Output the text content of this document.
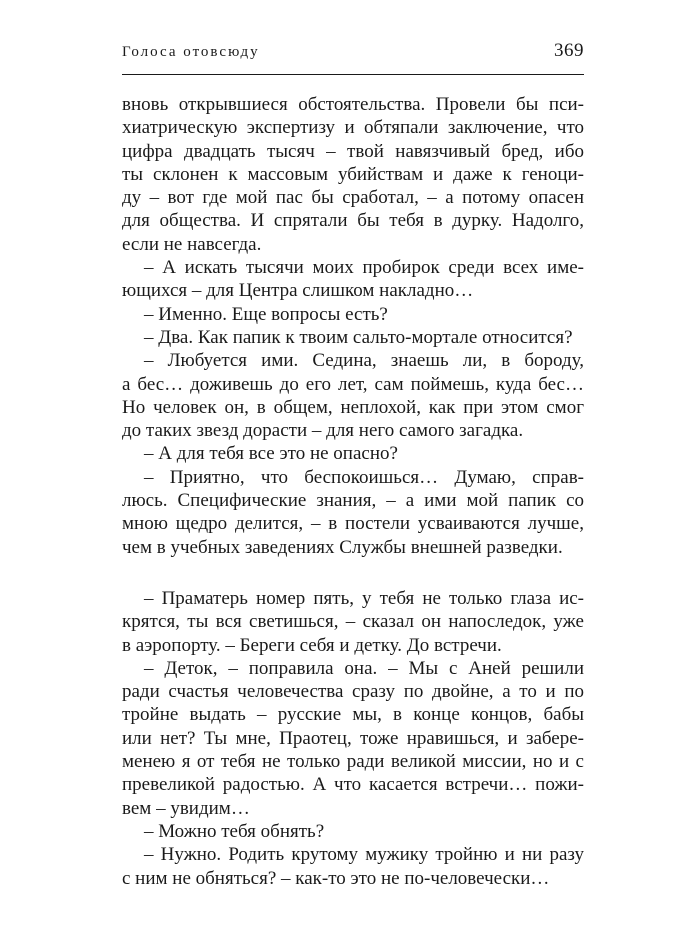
Голоса отовсюду	369
вновь открывшиеся обстоятельства. Провели бы пси-
хиатрическую экспертизу и обтяпали заключение, что
цифра двадцать тысяч – твой навязчивый бред, ибо
ты склонен к массовым убийствам и даже к геноци-
ду – вот где мой пас бы сработал, – а потому опасен
для общества. И спрятали бы тебя в дурку. Надолго,
если не навсегда.
– А искать тысячи моих пробирок среди всех име-
ющихся – для Центра слишком накладно…
– Именно. Еще вопросы есть?
– Два. Как папик к твоим сальто-мортале относится?
– Любуется ими. Седина, знаешь ли, в бороду,
а бес… доживешь до его лет, сам поймешь, куда бес…
Но человек он, в общем, неплохой, как при этом смог
до таких звезд дорасти – для него самого загадка.
– А для тебя все это не опасно?
– Приятно, что беспокоишься… Думаю, справ-
люсь. Специфические знания, – а ими мой папик со
мною щедро делится, – в постели усваиваются лучше,
чем в учебных заведениях Службы внешней разведки.
– Праматерь номер пять, у тебя не только глаза ис-
крятся, ты вся светишься, – сказал он напоследок, уже
в аэропорту. – Береги себя и детку. До встречи.
– Деток, – поправила она. – Мы с Аней решили
ради счастья человечества сразу по двойне, а то и по
тройне выдать – русские мы, в конце концов, бабы
или нет? Ты мне, Праотец, тоже нравишься, и забере-
менею я от тебя не только ради великой миссии, но и с
превеликой радостью. А что касается встречи… пожи-
вем – увидим…
– Можно тебя обнять?
– Нужно. Родить крутому мужику тройню и ни разу
с ним не обняться? – как-то это не по-человечески…
